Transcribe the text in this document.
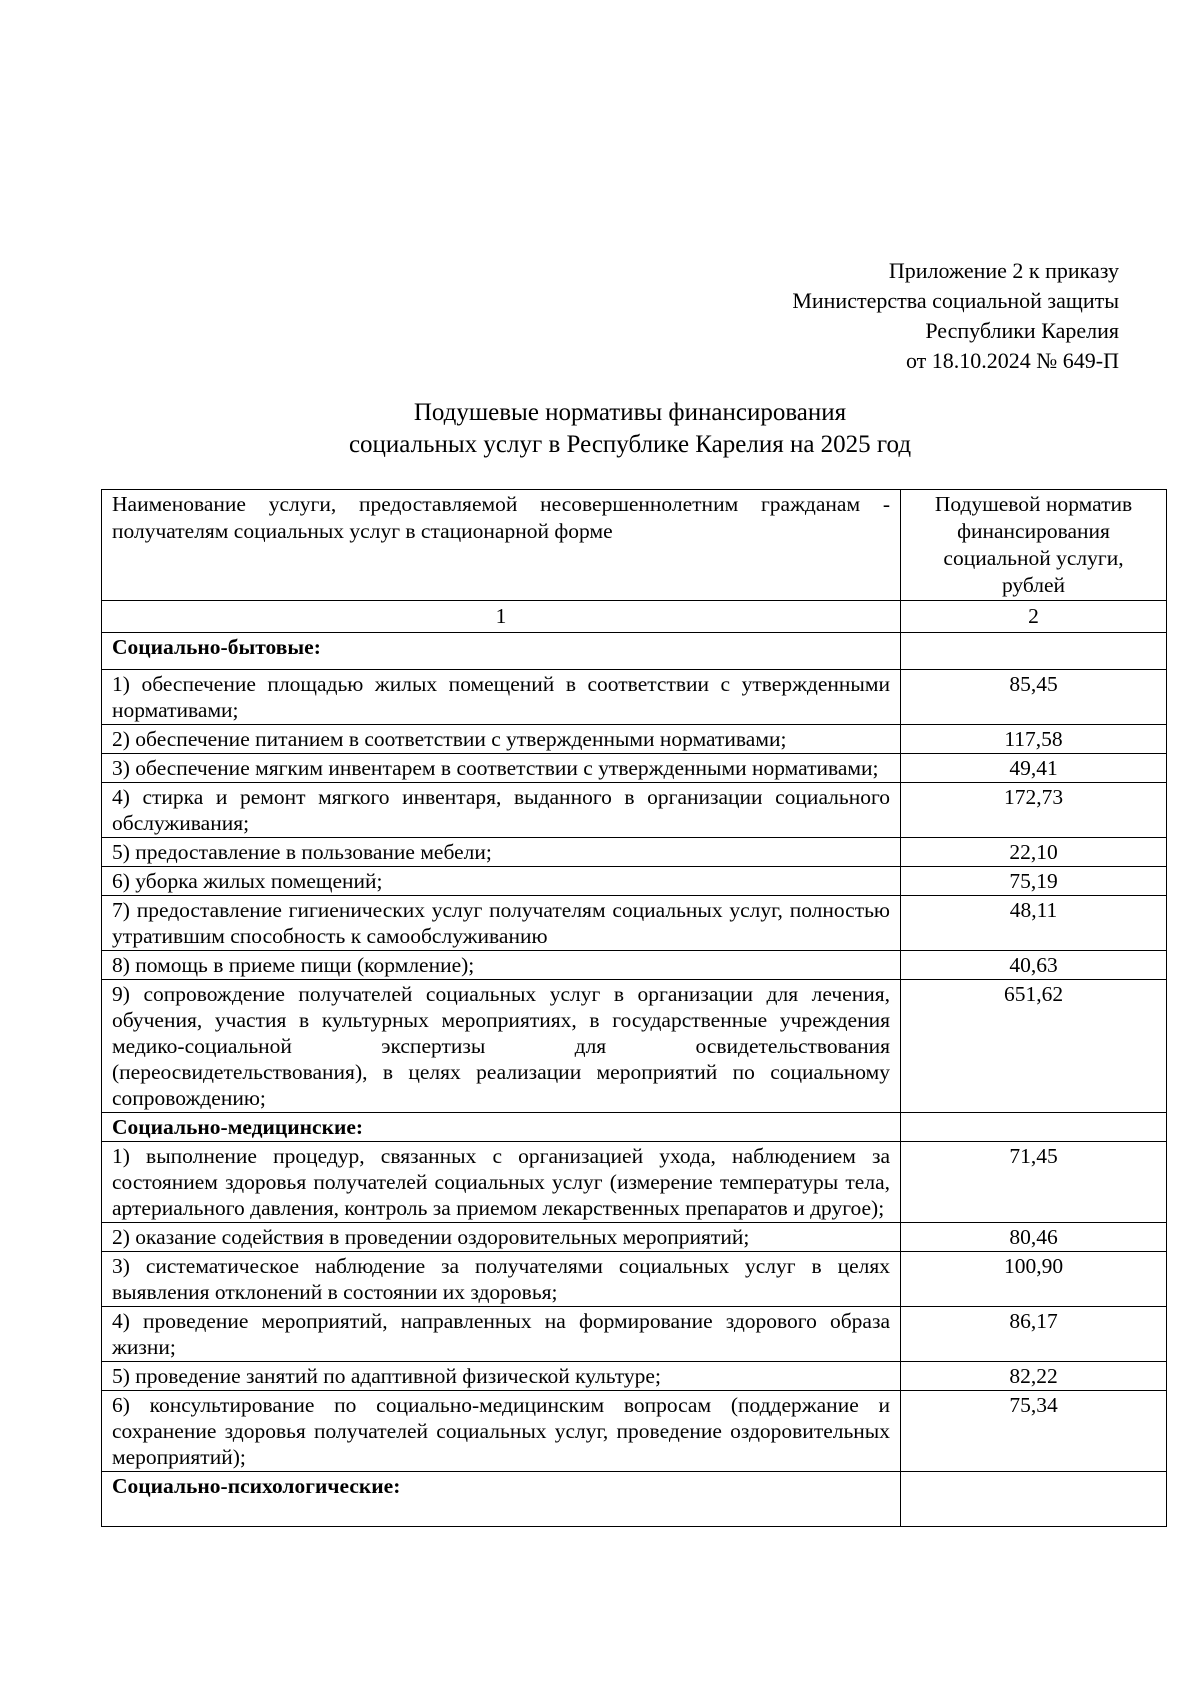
Приложение 2 к приказу
Министерства социальной защиты
Республики Карелия
от 18.10.2024 № 649-П
Подушевые нормативы финансирования
социальных услуг в Республике Карелия на 2025 год
Наименование услуги, предоставляемой несовершеннолетним гражданам - получателям социальных услуг в стационарной форме	Подушевой норматив финансирования социальной услуги, рублей
1	2
Социально-бытовые:	
1) обеспечение площадью жилых помещений в соответствии с утвержденными нормативами;	85,45
2) обеспечение питанием в соответствии с утвержденными нормативами;	117,58
3) обеспечение мягким инвентарем в соответствии с утвержденными нормативами;	49,41
4) стирка и ремонт мягкого инвентаря, выданного в организации социального обслуживания;	172,73
5) предоставление в пользование мебели;	22,10
6) уборка жилых помещений;	75,19
7) предоставление гигиенических услуг получателям социальных услуг, полностью утратившим способность к самообслуживанию	48,11
8) помощь в приеме пищи (кормление);	40,63
9) сопровождение получателей социальных услуг в организации для лечения, обучения, участия в культурных мероприятиях, в государственные учреждения медико-социальной экспертизы для освидетельствования (переосвидетельствования), в целях реализации мероприятий по социальному сопровождению;	651,62
Социально-медицинские:	
1) выполнение процедур, связанных с организацией ухода, наблюдением за состоянием здоровья получателей социальных услуг (измерение температуры тела, артериального давления, контроль за приемом лекарственных препаратов и другое);	71,45
2) оказание содействия в проведении оздоровительных мероприятий;	80,46
3) систематическое наблюдение за получателями социальных услуг в целях выявления отклонений в состоянии их здоровья;	100,90
4) проведение мероприятий, направленных на формирование здорового образа жизни;	86,17
5) проведение занятий по адаптивной физической культуре;	82,22
6) консультирование по социально-медицинским вопросам (поддержание и сохранение здоровья получателей социальных услуг, проведение оздоровительных мероприятий);	75,34
Социально-психологические:	
